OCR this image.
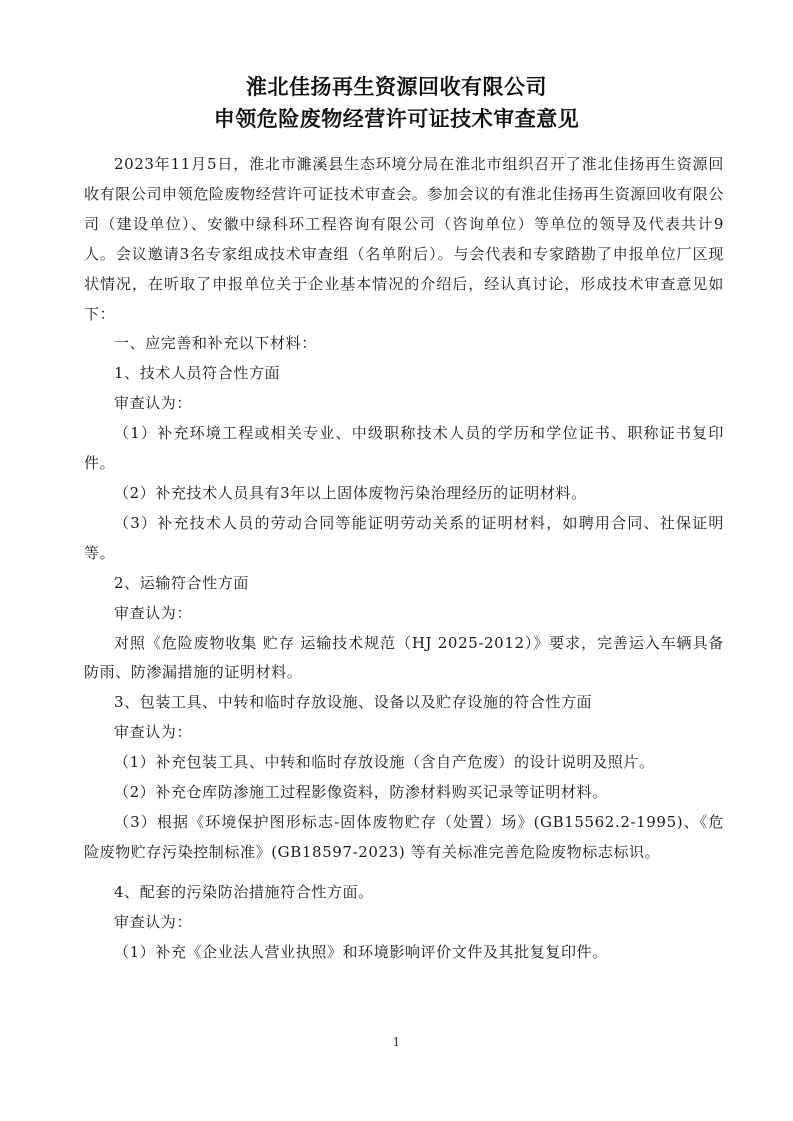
淮北佳扬再生资源回收有限公司
申领危险废物经营许可证技术审查意见

2023年11月5日，淮北市濉溪县生态环境分局在淮北市组织召开了淮北佳扬再生资源回收有限公司申领危险废物经营许可证技术审查会。参加会议的有淮北佳扬再生资源回收有限公司（建设单位）、安徽中绿科环工程咨询有限公司（咨询单位）等单位的领导及代表共计9人。会议邀请3名专家组成技术审查组（名单附后）。与会代表和专家踏勘了申报单位厂区现状情况，在听取了申报单位关于企业基本情况的介绍后，经认真讨论，形成技术审查意见如下：

一、应完善和补充以下材料：

1、技术人员符合性方面

审查认为：

（1）补充环境工程或相关专业、中级职称技术人员的学历和学位证书、职称证书复印件。

（2）补充技术人员具有3年以上固体废物污染治理经历的证明材料。

（3）补充技术人员的劳动合同等能证明劳动关系的证明材料，如聘用合同、社保证明等。

2、运输符合性方面

审查认为：

对照《危险废物收集 贮存 运输技术规范（HJ 2025-2012）》要求，完善运入车辆具备防雨、防渗漏措施的证明材料。

3、包装工具、中转和临时存放设施、设备以及贮存设施的符合性方面

审查认为：

（1）补充包装工具、中转和临时存放设施（含自产危废）的设计说明及照片。

（2）补充仓库防渗施工过程影像资料，防渗材料购买记录等证明材料。

（3）根据《环境保护图形标志-固体废物贮存（处置）场》(GB15562.2-1995)、《危险废物贮存污染控制标准》(GB18597-2023) 等有关标准完善危险废物标志标识。

4、配套的污染防治措施符合性方面。

审查认为：

（1）补充《企业法人营业执照》和环境影响评价文件及其批复复印件。

1
